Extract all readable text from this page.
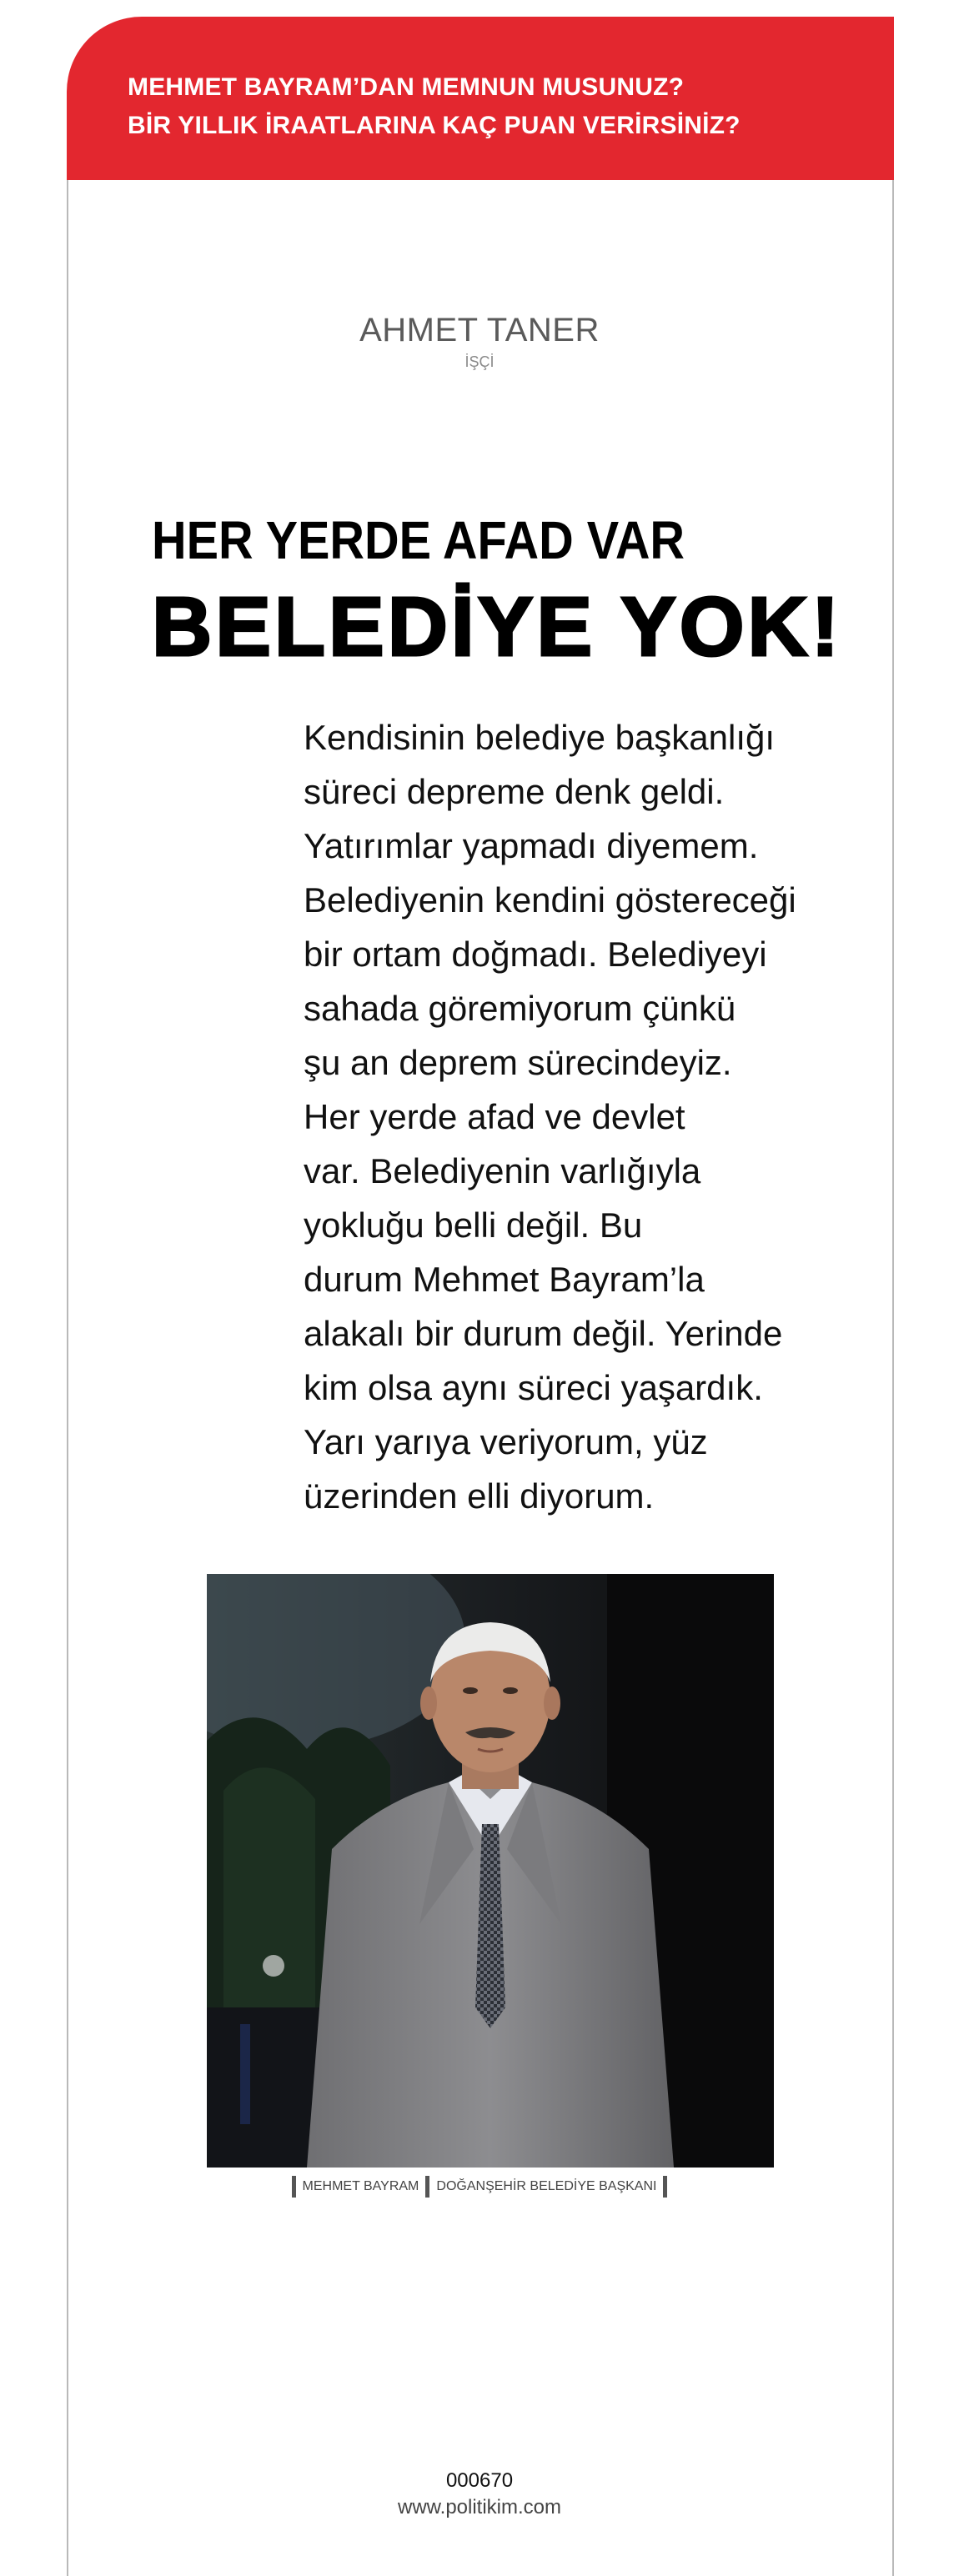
MEHMET BAYRAM’DAN MEMNUN MUSUNUZ?
BİR YILLIK İRAATLARINA KAÇ PUAN VERİRSİNİZ?
AHMET TANER
İŞÇİ
HER YERDE AFAD VAR
BELEDİYE YOK!
Kendisinin belediye başkanlığı
süreci depreme denk geldi.
Yatırımlar yapmadı diyemem.
Belediyenin kendini göstereceği
bir ortam doğmadı. Belediyeyi
sahada göremiyorum çünkü
şu an deprem sürecindeyiz.
Her yerde afad ve devlet
var. Belediyenin varlığıyla
yokluğu belli değil. Bu
durum Mehmet Bayram’la
alakalı bir durum değil. Yerinde
kim olsa aynı süreci yaşardık.
Yarı yarıya veriyorum, yüz
üzerinden elli diyorum.
MEHMET BAYRAM DOĞANŞEHİR BELEDİYE BAŞKANI
000670
www.politikim.com
